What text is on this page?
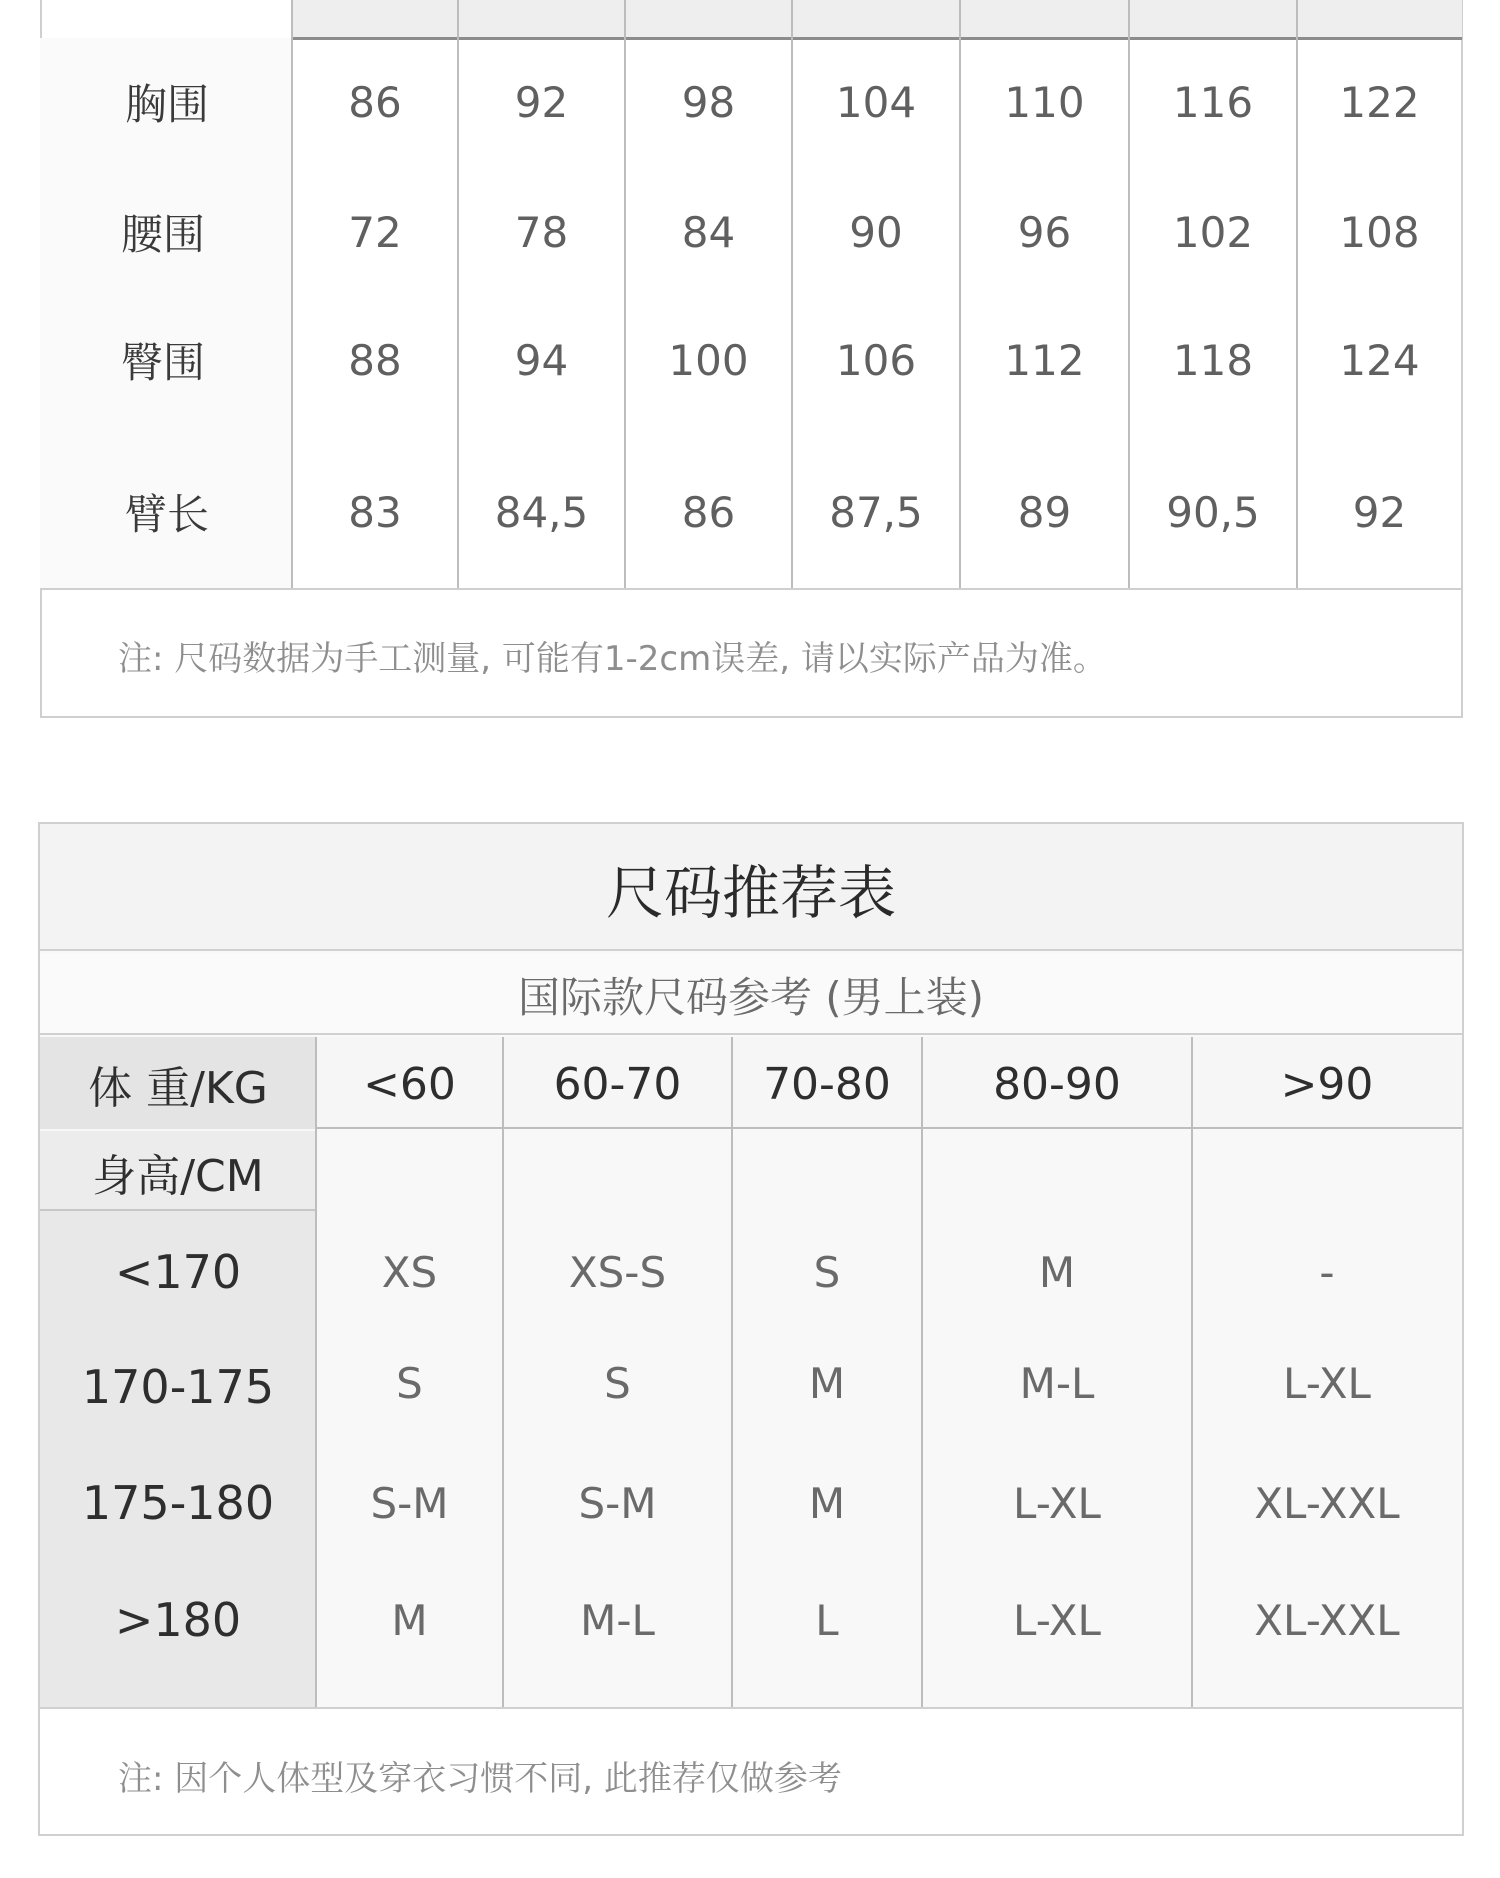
胸围	86	92	98	104	110	116	122
腰围	72	78	84	90	96	102	108
臀围	88	94	100	106	112	118	124
臂长	83	84,5	86	87,5	89	90,5	92
注: 尺码数据为手工测量, 可能有1-2cm误差, 请以实际产品为准。
尺码推荐表
国际款尺码参考 (男上装)
体 重/KG	<60	60-70	70-80	80-90	>90
身高/CM
<170	XS	XS-S	S	M	-
170-175	S	S	M	M-L	L-XL
175-180	S-M	S-M	M	L-XL	XL-XXL
>180	M	M-L	L	L-XL	XL-XXL
注: 因个人体型及穿衣习惯不同, 此推荐仅做参考
